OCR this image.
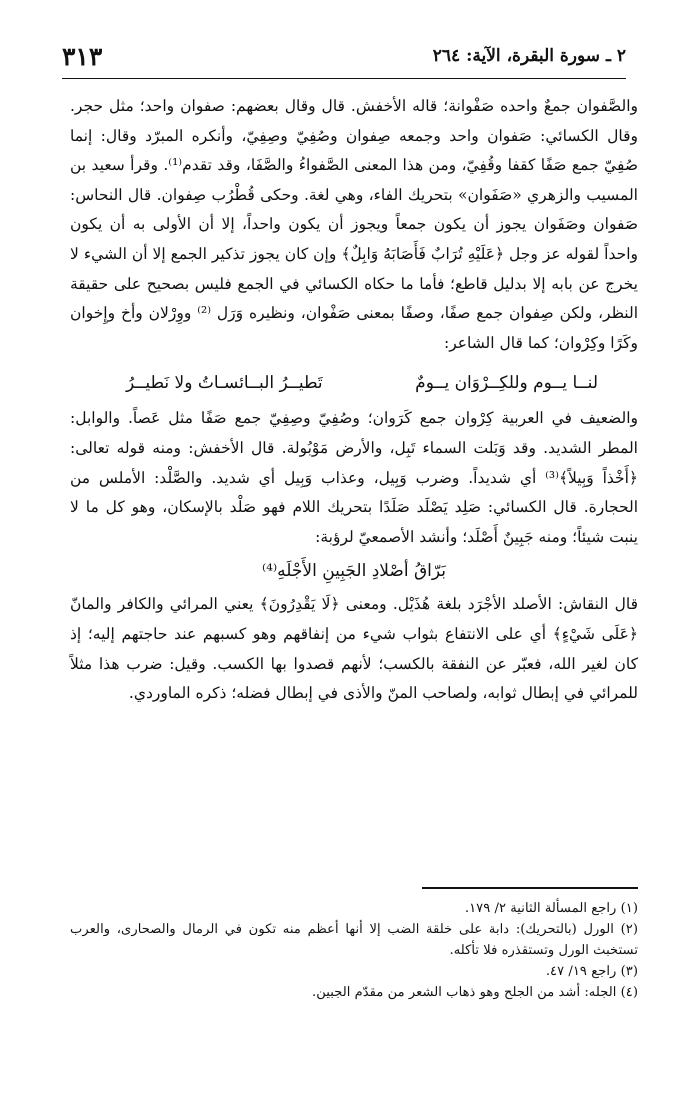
٢ ـ سورة البقرة، الآية: ٢٦٤
٣١٣

والصَّفوان جمعٌ واحده صَفْوانة؛ قاله الأخفش. قال وقال بعضهم: صفوان واحد؛ مثل حجر. وقال الكسائي: صَفوان واحد وجمعه صِفوان وصُفِيّ وصِفِيّ، وأنكره المبرّد وقال: إنما صُفِيّ جمع صَفًا كقفا وقُفِيّ، ومن هذا المعنى الصَّفواءُ والصَّفَا، وقد تقدم⁽¹⁾. وقرأ سعيد بن المسيب والزهري «صَفَوان» بتحريك الفاء، وهي لغة. وحكى قُطْرُب صِفوان. قال النحاس: صَفوان وصَفَوان يجوز أن يكون جمعاً ويجوز أن يكون واحداً، إلا أن الأولى به أن يكون واحداً لقوله عز وجل ﴿عَلَيْهِ تُرَابٌ فَأَصَابَهُ وَابِلٌ﴾ وإن كان يجوز تذكير الجمع إلا أن الشيء لا يخرج عن بابه إلا بدليل قاطع؛ فأما ما حكاه الكسائي في الجمع فليس بصحيح على حقيقة النظر، ولكن صِفوان جمع صفًا، وصفًا بمعنى صَفْوان، ونظيره وَرَل ⁽²⁾ ووِرْلان وأخ وإِخوان وكَرًا وكِرْوان؛ كما قال الشاعر:

لنــا يــوم وللكِــرْوَان يــومٌ
تَطيــرُ البــائسـاتُ ولا نَطيــرُ

والضعيف في العربية كِرْوان جمع كَرَوان؛ وصُفِيّ وصِفِيّ جمع صَفًا مثل عَصاً. والوابل: المطر الشديد. وقد وَبَلت السماء تَبِل، والأرض مَوْبُولة. قال الأخفش: ومنه قوله تعالى: ﴿أَخْذاً وَبِيلاً﴾⁽³⁾ أي شديداً. وضرب وَبِيل، وعذاب وَبِيل أي شديد. والصَّلْد: الأملس من الحجارة. قال الكسائي: صَلِد يَصْلَد صَلَدًا بتحريك اللام فهو صَلْد بالإسكان، وهو كل ما لا ينبت شيئاً؛ ومنه جَبِينٌ أَصْلَد؛ وأنشد الأصمعيّ لرؤبة:

بَرّاقُ أصْلادِ الجَبِينِ الأَجْلَهِ⁽⁴⁾

قال النقاش: الأصلد الأجْرَد بلغة هُذَيْل. ومعنى ﴿لَا يَقْدِرُونَ﴾ يعني المرائي والكافر والمانّ ﴿عَلَى شَيْءٍ﴾ أي على الانتفاع بثواب شيء من إنفاقهم وهو كسبهم عند حاجتهم إليه؛ إذ كان لغير الله، فعبّر عن النفقة بالكسب؛ لأنهم قصدوا بها الكسب. وقيل: ضرب هذا مثلاً للمرائي في إبطال ثوابه، ولصاحب المنّ والأذى في إبطال فضله؛ ذكره الماوردي.

(١) راجع المسألة الثانية ٢/ ١٧٩.

(٢) الورل (بالتحريك): دابة على خلقة الضب إلا أنها أعظم منه تكون في الرمال والصحارى، والعرب تستخبث الورل وتستقذره فلا تأكله.

(٣) راجع ١٩/ ٤٧.

(٤) الجله: أشد من الجلح وهو ذهاب الشعر من مقدّم الجبين.
